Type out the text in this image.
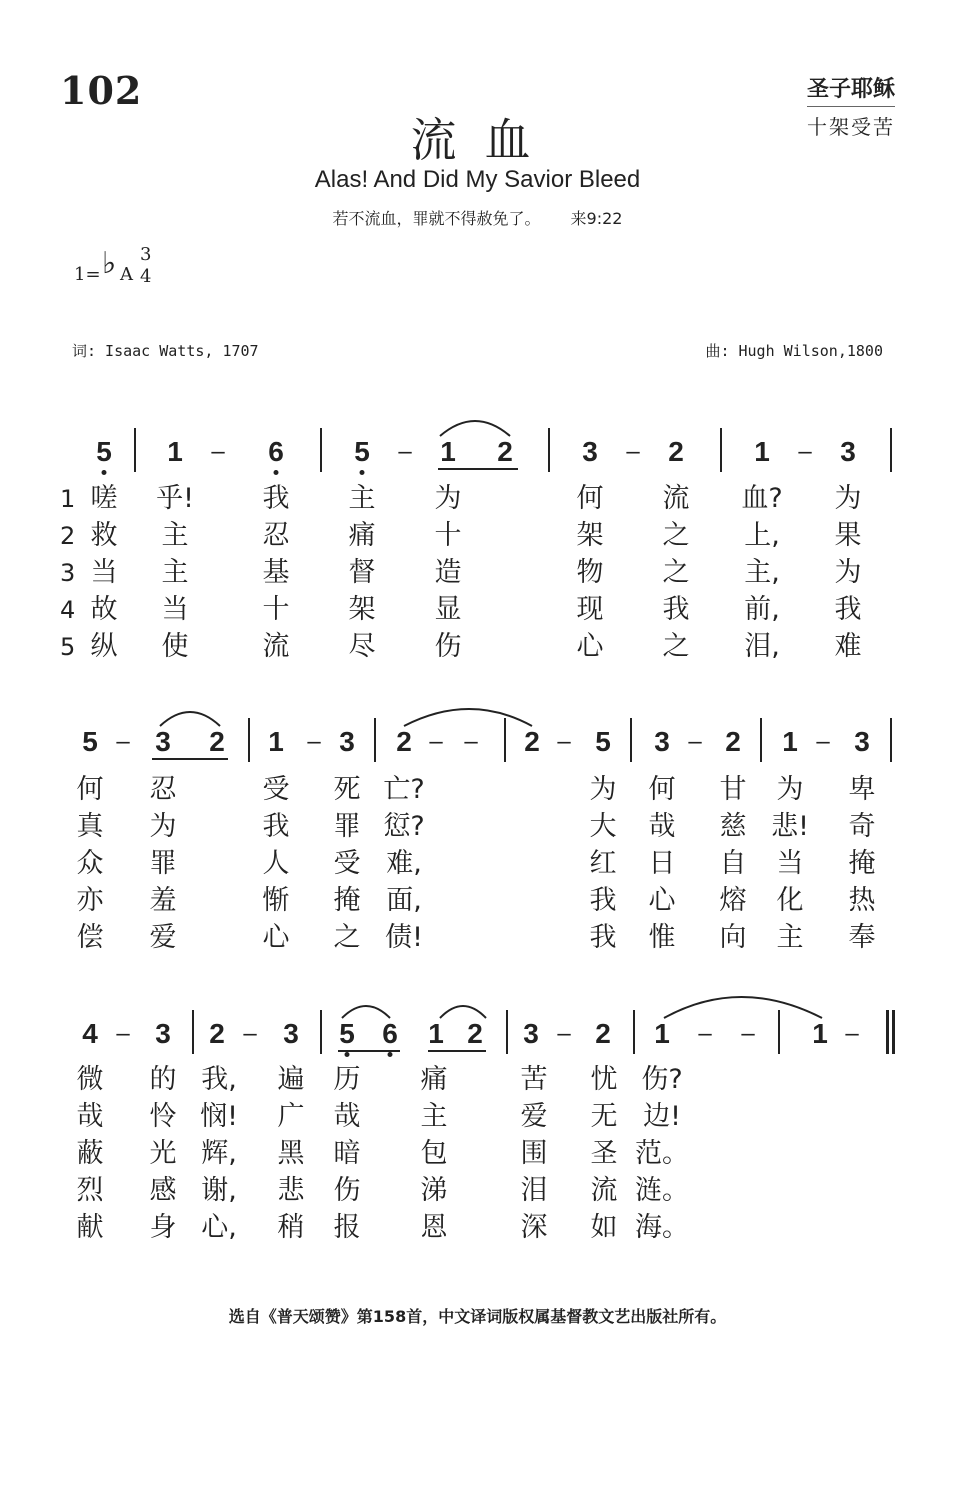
102	圣子耶稣
十架受苦
流血
Alas! And Did My Savior Bleed
若不流血，罪就不得赦免了。 来9:22
1= ♭ A
3
4
词: Isaac Watts, 1707	曲: Hugh Wilson,1800
5 1 – 6	5 – 1 2 3 – 2	1 – 3
1 嗟 乎!	我 主 为	何 流 血? 为
2 救 主	忍 痛 十	架 之 上, 果
3 当 主	基 督 造	物 之 主, 为
4 故 当	十 架 显	现 我 前, 我
5 纵 使	流 尽 伤	心 之 泪, 难
5 – 3 2 1 – 3 2 – – 2 – 5 3 – 2 1 – 3
何 忍	受 死 亡?	为 何 甘 为 卑
真 为	我 罪 愆?	大 哉 慈 悲! 奇
众 罪	人 受 难,	红 日 自 当 掩
亦 羞	惭 掩 面,	我 心 熔 化 热
偿 爱	心 之 债!	我 惟 向 主 奉
4 – 3 2 – 3 5 6 1 2 3 – 2 1 – – 1 –
微 的 我, 遍 历 痛	苦 忧 伤?
哉 怜 悯! 广 哉 主	爱 无 边!
蔽 光 辉, 黑 暗 包	围 圣 范。
烈 感 谢, 悲 伤 涕	泪 流 涟。
献 身 心, 稍 报 恩	深 如 海。
选自《普天颂赞》第158首，中文译词版权属基督教文艺出版社所有。
